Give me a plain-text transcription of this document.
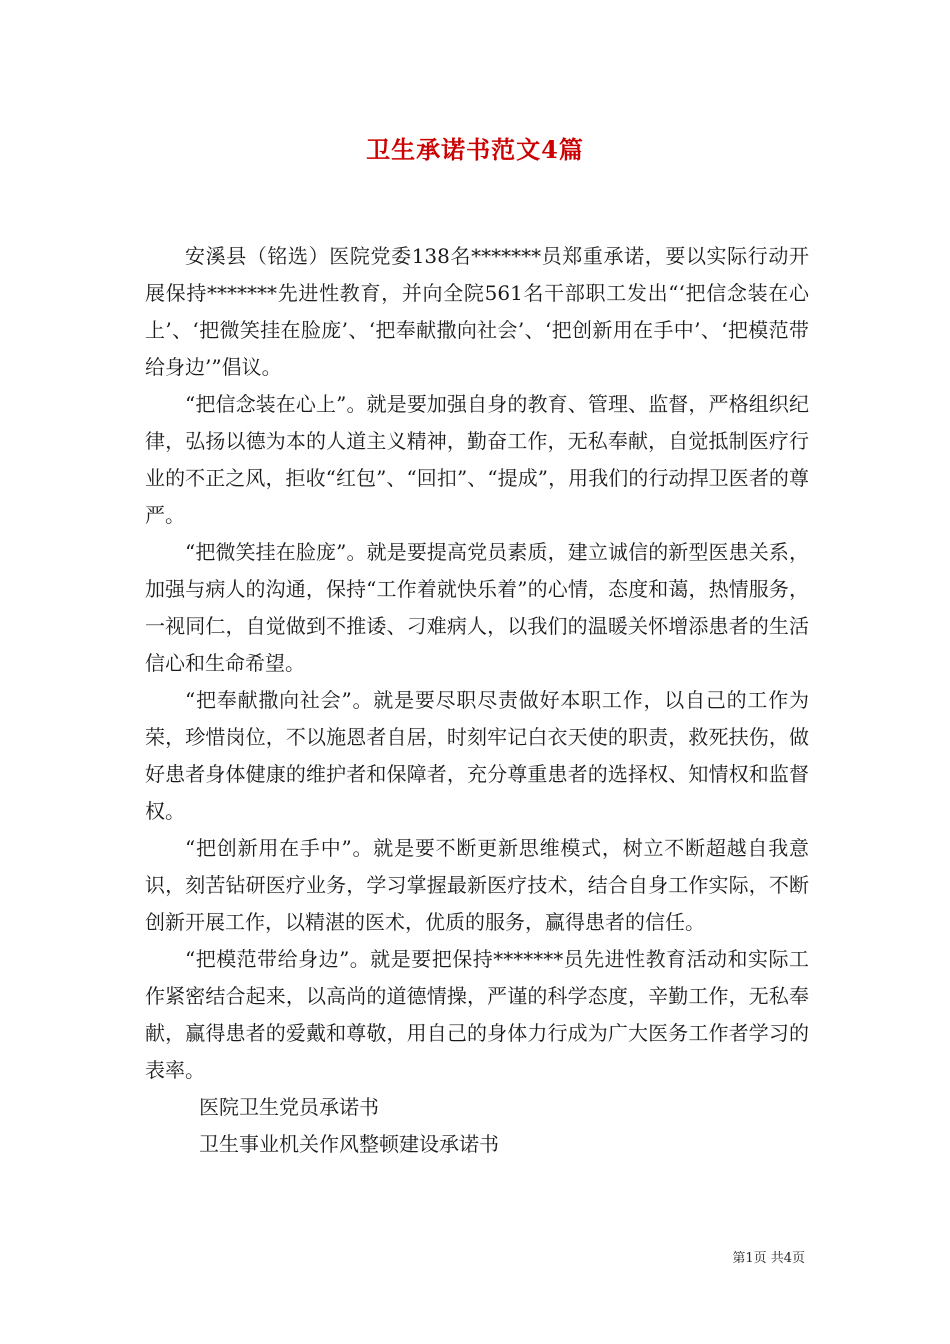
卫生承诺书范文4篇

安溪县（铭选）医院党委138名*******员郑重承诺，要以实际行动开展保持*******先进性教育，并向全院561名干部职工发出“‘把信念装在心上’、‘把微笑挂在脸庞’、‘把奉献撒向社会’、‘把创新用在手中’、‘把模范带给身边’”倡议。

“把信念装在心上”。就是要加强自身的教育、管理、监督，严格组织纪律，弘扬以德为本的人道主义精神，勤奋工作，无私奉献，自觉抵制医疗行业的不正之风，拒收“红包”、“回扣”、“提成”，用我们的行动捍卫医者的尊严。

“把微笑挂在脸庞”。就是要提高党员素质，建立诚信的新型医患关系，加强与病人的沟通，保持“工作着就快乐着”的心情，态度和蔼，热情服务，一视同仁，自觉做到不推诿、刁难病人，以我们的温暖关怀增添患者的生活信心和生命希望。

“把奉献撒向社会”。就是要尽职尽责做好本职工作，以自己的工作为荣，珍惜岗位，不以施恩者自居，时刻牢记白衣天使的职责，救死扶伤，做好患者身体健康的维护者和保障者，充分尊重患者的选择权、知情权和监督权。

“把创新用在手中”。就是要不断更新思维模式，树立不断超越自我意识，刻苦钻研医疗业务，学习掌握最新医疗技术，结合自身工作实际，不断创新开展工作，以精湛的医术，优质的服务，赢得患者的信任。

“把模范带给身边”。就是要把保持*******员先进性教育活动和实际工作紧密结合起来，以高尚的道德情操，严谨的科学态度，辛勤工作，无私奉献，赢得患者的爱戴和尊敬，用自己的身体力行成为广大医务工作者学习的表率。

医院卫生党员承诺书

卫生事业机关作风整顿建设承诺书

第1页 共4页
